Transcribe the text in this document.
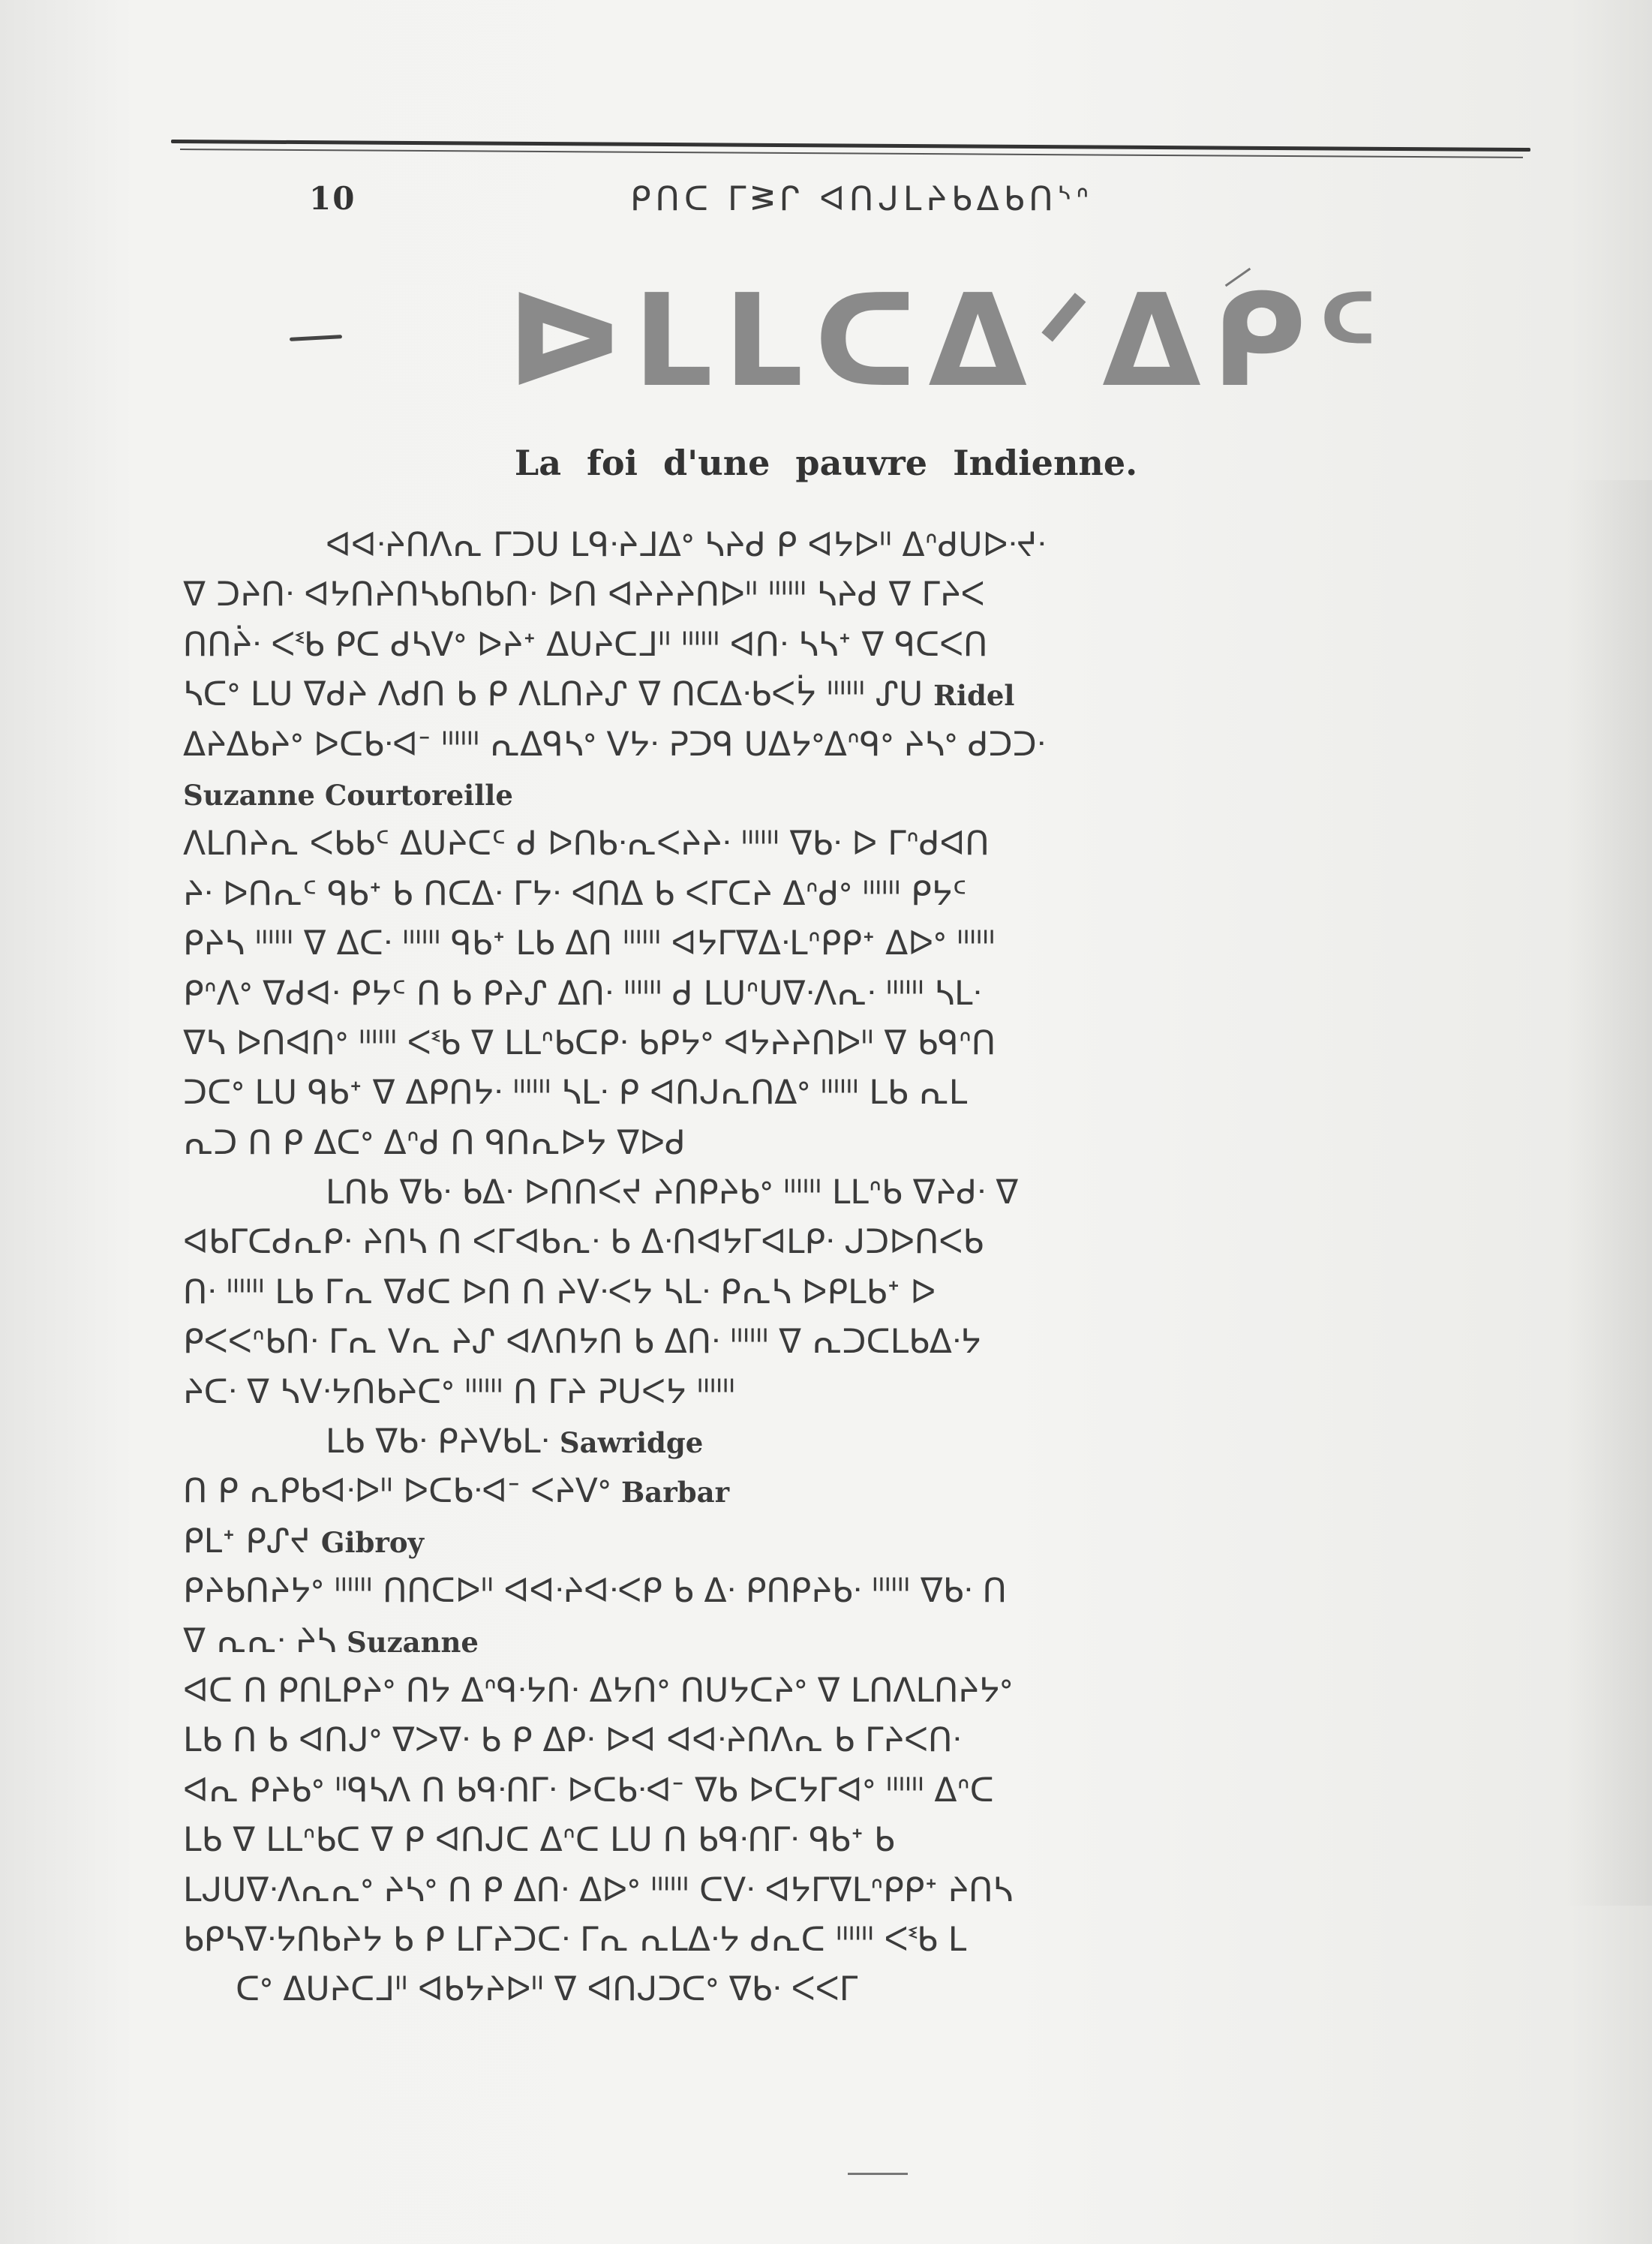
10	ᑭᑎᑕ ᒥᕒᒋ ᐊᑎᒍᒪᔨᑲᐃᑲᑎᔅᐢ
ᐅᒪᒪᑕᐃᐟᐃᑭᑦ
La foi d'une pauvre Indienne.
ᐊᐊᐧᔨᑎᐱᕆ ᒥᑐᑌ ᒪᑫᐧᔨᒧᐃᐤ ᓴᔨᑯ ᑭ ᐊᔭᐅᐦ ᐃᐢᑯᑌᐅᐧᔪᐧ
ᐁ ᑐᔨᑎᐧ ᐊᔭᑎᔨᑎᓴᑲᑎᑲᑎᐧ ᐅᑎ ᐊᔨᔨᔨᑎᐅᐦ ᐦᐦᐦ ᓴᔨᑯ ᐁ ᒥᔨᐸ
ᑎᑎᔩᐧ ᐸᓫᑲ ᑭᑕ ᑯᓴᐯᐤ ᐅᔨᐩ ᐃᑌᔨᑕᒧᐦ ᐦᐦᐦ ᐊᑎᐧ ᓴᓴᐩ ᐁ ᑫᑕᐸᑎ
ᓴᑕᐤ ᒪᑌ ᐁᑯᔨ ᐱᑯᑎ ᑲ ᑭ ᐱᒪᑎᔨᔑ ᐁ ᑎᑕᐃᐧᑲᐸᔮ ᐦᐦᐦ ᔑᑌ Ridel
ᐃᔨᐃᑲᔨᐤ ᐅᑕᑲᐧᐊᐨ ᐦᐦᐦ ᕆᐃᑫᓴᐤ ᐯᔭᐧ ᕈᑐᑫ ᑌᐃᔭᐤᐃᐢᑫᐤ ᔨᓴᐤ ᑯᑐᑐᐧ
Suzanne Courtoreille
ᐱᒪᑎᔨᕆ ᐸᑲᑲᑦ ᐃᑌᔨᑕᑦ ᑯ ᐅᑎᑲᐧᕆᐸᔨᔨᐧ ᐦᐦᐦ ᐁᑲᐧ ᐅ ᒥᐢᑯᐊᑎ
ᔨᐧ ᐅᑎᕆᑦ ᑫᑲᐩ ᑲ ᑎᑕᐃᐧ ᒥᔭᐧ ᐊᑎᐃ ᑲ ᐸᒥᑕᔨ ᐃᐢᑯᐤ ᐦᐦᐦ ᑭᔭᑦ
ᑭᔨᓴ ᐦᐦᐦ ᐁ ᐃᑕᐧ ᐦᐦᐦ ᑫᑲᐩ ᒪᑲ ᐃᑎ ᐦᐦᐦ ᐊᔭᒥᐁᐃᐧᒪᐢᑭᑭᐩ ᐃᐅᐤ ᐦᐦᐦ
ᑭᐢᐱᐤ ᐁᑯᐊᐧ ᑭᔭᑦ ᑎ ᑲ ᑭᔨᔑ ᐃᑎᐧ ᐦᐦᐦ ᑯ ᒪᑌᐢᑌᐁᐧᐱᕆᐧ ᐦᐦᐦ ᓴᒪᐧ
ᐁᓴ ᐅᑎᐊᑎᐤ ᐦᐦᐦ ᐸᓫᑲ ᐁ ᒪᒪᐢᑲᑕᑭᐧ ᑲᑭᔭᐤ ᐊᔭᔨᔨᑎᐅᐦ ᐁ ᑲᑫᐢᑎ
ᑐᑕᐤ ᒪᑌ ᑫᑲᐩ ᐁ ᐃᑭᑎᔭᐧ ᐦᐦᐦ ᓴᒪᐧ ᑭ ᐊᑎᒍᕆᑎᐃᐤ ᐦᐦᐦ ᒪᑲ ᕆᒪ
ᕆᑐ ᑎ ᑭ ᐃᑕᐤ ᐃᐢᑯ ᑎ ᑫᑎᕆᐅᔭ ᐁᐅᑯ
ᒪᑎᑲ ᐁᑲᐧ ᑲᐃᐧ ᐅᑎᑎᐸᔪ ᔨᑎᑭᔨᑲᐤ ᐦᐦᐦ ᒪᒪᐢᑲ ᐁᔨᑯᐧ ᐁ
ᐊᑲᒥᑕᑯᕆᑭᐧ ᔨᑎᓴ ᑎ ᐸᒥᐊᑲᕆᐧ ᑲ ᐃᐧᑎᐊᔭᒥᐊᒪᑭᐧ ᒍᑐᐅᑎᐸᑲ
ᑎᐧ ᐦᐦᐦ ᒪᑲ ᒥᕆ ᐁᑯᑕ ᐅᑎ ᑎ ᔨᐯᐧᐸᔭ ᓴᒪᐧ ᑭᕆᓴ ᐅᑭᒪᑲᐩ ᐅ
ᑭᐸᐸᐢᑲᑎᐧ ᒥᕆ ᐯᕆ ᔨᔑ ᐊᐱᑎᔭᑎ ᑲ ᐃᑎᐧ ᐦᐦᐦ ᐁ ᕆᑐᑕᒪᑲᐃᐧᔭ
ᔨᑕᐧ ᐁ ᓴᐯᐧᔭᑎᑲᔨᑕᐤ ᐦᐦᐦ ᑎ ᒥᔨ ᕈᑌᐸᔭ ᐦᐦᐦ
ᒪᑲ ᐁᑲᐧ ᑭᔨᐯᑲᒪᐧ Sawridge
ᑎ ᑭ ᕆᑭᑲᐊᐧᐅᐦ ᐅᑕᑲᐧᐊᐨ ᐸᔨᐯᐤ Barbar
ᑭᒪᐩ ᑭᔑᔪ Gibroy
ᑭᔨᑲᑎᔨᔭᐤ ᐦᐦᐦ ᑎᑎᑕᐅᐦ ᐊᐊᐧᔨᐊᐧᐸᑭ ᑲ ᐃᐧ ᑭᑎᑭᔨᑲᐧ ᐦᐦᐦ ᐁᑲᐧ ᑎ
ᐁ ᕆᕆᐧ ᔨᓴ Suzanne
ᐊᑕ ᑎ ᑭᑎᒪᑭᔨᐤ ᑎᔭ ᐃᐢᑫᐧᔭᑎᐧ ᐃᔭᑎᐤ ᑎᑌᔭᑕᔨᐤ ᐁ ᒪᑎᐱᒪᑎᔨᔭᐤ
ᒪᑲ ᑎ ᑲ ᐊᑎᒍᐤ ᐁᐳᐁᐧ ᑲ ᑭ ᐃᑭᐧ ᐅᐊ ᐊᐊᐧᔨᑎᐱᕆ ᑲ ᒥᔨᐸᑎᐧ
ᐊᕆ ᑭᔨᑲᐤ ᐦᑫᓴᐱ ᑎ ᑲᑫᐧᑎᒥᐧ ᐅᑕᑲᐧᐊᐨ ᐁᑲ ᐅᑕᔭᒥᐊᐤ ᐦᐦᐦ ᐃᐢᑕ
ᒪᑲ ᐁ ᒪᒪᐢᑲᑕ ᐁ ᑭ ᐊᑎᒍᑕ ᐃᐢᑕ ᒪᑌ ᑎ ᑲᑫᐧᑎᒥᐧ ᑫᑲᐩ ᑲ
ᒪᒍᑌᐁᐧᐱᕆᕆᐤ ᔨᓴᐤ ᑎ ᑭ ᐃᑎᐧ ᐃᐅᐤ ᐦᐦᐦ ᑕᐯᐧ ᐊᔭᒥᐁᒪᐢᑭᑭᐩ ᔨᑎᓴ
ᑲᑭᓴᐁᐧᔭᑎᑲᔨᔭ ᑲ ᑭ ᒪᒥᔨᑐᑕᐧ ᒥᕆ ᕆᒪᐃᐧᔭ ᑯᕆᑕ ᐦᐦᐦ ᐸᓫᑲ ᒪ
ᑕᐤ ᐃᑌᔨᑕᒧᐦ ᐊᑲᔭᔨᐅᐦ ᐁ ᐊᑎᒍᑐᑕᐤ ᐁᑲᐧ ᐸᐸᒥ
